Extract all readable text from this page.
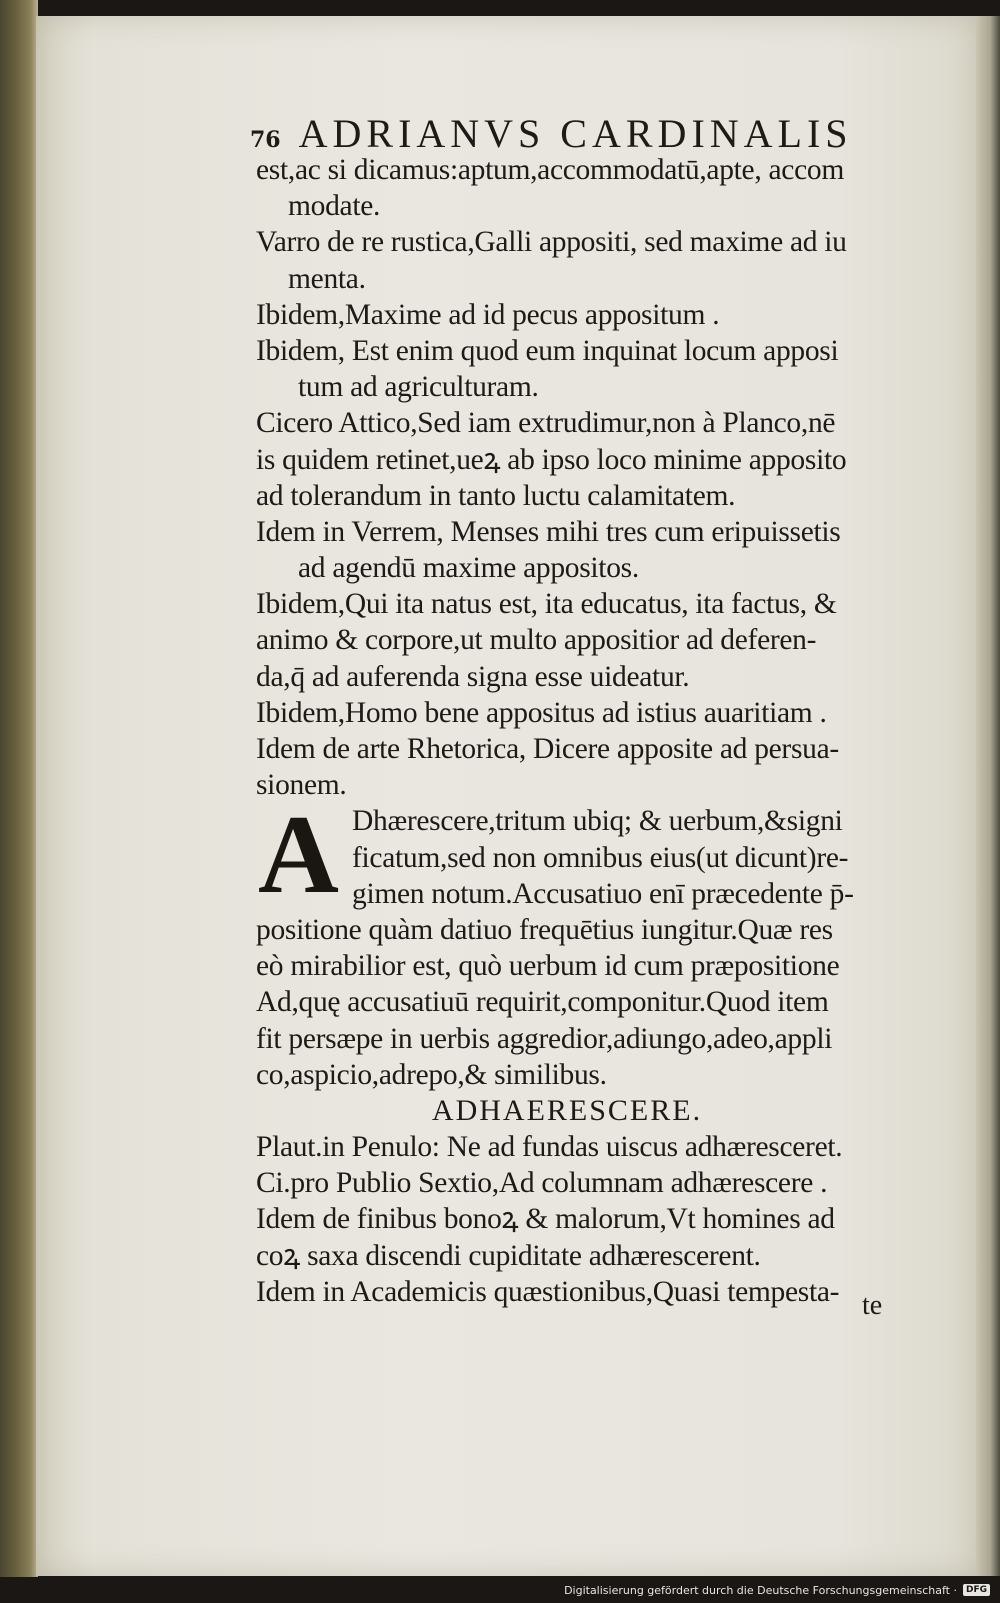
76 ADRIANVS CARDINALIS
est,ac si dicamus:aptum,accommodatū,apte, accom
modate.
Varro de re rustica,Galli appositi, sed maxime ad iu
menta.
Ibidem,Maxime ad id pecus appositum .
Ibidem, Est enim quod eum inquinat locum apposi
tum ad agriculturam.
Cicero Attico,Sed iam extrudimur,non à Planco,nē
is quidem retinet,ueꝝ ab ipso loco minime apposito
ad tolerandum in tanto luctu calamitatem.
Idem in Verrem, Menses mihi tres cum eripuissetis
ad agendū maxime appositos.
Ibidem,Qui ita natus est, ita educatus, ita factus, &
animo & corpore,ut multo appositior ad deferen-
da,q̄ ad auferenda signa esse uideatur.
Ibidem,Homo bene appositus ad istius auaritiam .
Idem de arte Rhetorica, Dicere apposite ad persua-
sionem.
A Dhærescere,tritum ubiq; & uerbum,&signi
ficatum,sed non omnibus eius(ut dicunt)re-
gimen notum.Accusatiuo enī præcedente p̄-
positione quàm datiuo frequētius iungitur.Quæ res
eò mirabilior est, quò uerbum id cum præpositione
Ad,quę accusatiuū requirit,componitur.Quod item
fit persæpe in uerbis aggredior,adiungo,adeo,appli
co,aspicio,adrepo,& similibus.
ADHAERESCERE.
Plaut.in Penulo: Ne ad fundas uiscus adhæresceret.
Ci.pro Publio Sextio,Ad columnam adhærescere .
Idem de finibus bonoꝝ & malorum,Vt homines ad
coꝝ saxa discendi cupiditate adhærescerent.
Idem in Academicis quæstionibus,Quasi tempesta- te
Digitalisierung gefördert durch die Deutsche Forschungsgemeinschaft ·	DFG
